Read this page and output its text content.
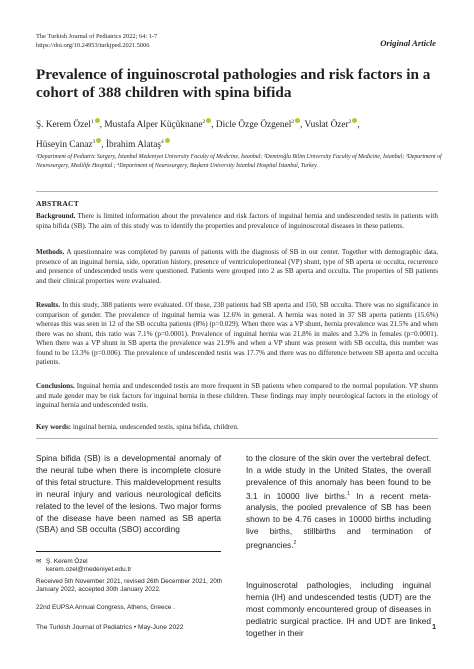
The Turkish Journal of Pediatrics 2022; 64: 1-7
https://doi.org/10.24953/turkjped.2021.5006	Original Article
Prevalence of inguinoscrotal pathologies and risk factors in a cohort of 388 children with spina bifida
Ş. Kerem Özel$^1$ , Mustafa Alper Küçüknane$^2$ , Dicle Özge Özgenel$^2$ , Vuslat Özer$^2$ ,
Hüseyin Canaz$^3$ , İbrahim Alataş$^4$
¹Department of Pediatric Surgery, İstanbul Medeniyet University Faculty of Medicine, İstanbul; ²Demiroğlu Bilim University Faculty of Medicine, İstanbul; ³Department of Neurosurgery, Medilife Hospital ; ⁴Department of Neurosurgery, Başkent University İstanbul Hospital İstanbul, Turkey.
ABSTRACT
Background. There is limited information about the prevalence and risk factors of inguinal hernia and undescended testis in patients with spina bifida (SB). The aim of this study was to identify the properties and prevalence of inguinoscrotal diseases in these patients.
Methods. A questionnaire was completed by parents of patients with the diagnosis of SB in our center. Together with demographic data, presence of an inguinal hernia, side, operation history, presence of ventriculoperitoneal (VP) shunt, type of SB aperta or occulta, recurrence and presence of undescended testis were questioned. Patients were grouped into 2 as SB aperta and occulta. The properties of SB patients and their clinical properties were evaluated.
Results. In this study, 388 patients were evaluated. Of these, 238 patients had SB aperta and 150, SB occulta. There was no significance in comparison of gender. The prevalence of inguinal hernia was 12.6% in general. A hernia was noted in 37 SB aperta patients (15.6%) whereas this was seen in 12 of the SB occulta patients (8%) (p=0.029). When there was a VP shunt, hernia prevalence was 21.5% and when there was no shunt, this ratio was 7.1% (p=0.0001). Prevalence of inguinal hernia was 21.8% in males and 3.2% in females (p=0.0001). When there was a VP shunt in SB aperta the prevalence was 21.9% and when a VP shunt was present with SB occulta, this number was found to be 13.3% (p=0.006). The prevalence of undescended testis was 17.7% and there was no difference between SB aperta and occulta patients.
Conclusions. Inguinal hernia and undescended testis are more frequent in SB patients when compared to the normal population. VP shunts and male gender may be risk factors for inguinal hernia in these children. These findings may imply neurological factors in the etiology of inguinal hernia and undescended testis.
Key words: inguinal hernia, undescended testis, spina bifida, children.
Spina bifida (SB) is a developmental anomaly of the neural tube when there is incomplete closure of this fetal structure. This maldevelopment results in neural injury and various neurological deficits related to the level of the lesions. Two major forms of the disease have been named as SB aperta (SBA) and SB occulta (SBO) according
to the closure of the skin over the vertebral defect. In a wide study in the United States, the overall prevalence of this anomaly has been found to be 3.1 in 10000 live births.$^1$ In a recent meta-analysis, the pooled prevalence of SB has been shown to be 4.76 cases in 10000 births including live births, stillbirths and termination of pregnancies.$^2$
Inguinoscrotal pathologies, including inguinal hernia (IH) and undescended testis (UDT) are the most commonly encountered group of diseases in pediatric surgical practice. IH and UDT are linked together in their
✉ Ş. Kerem Özel
kerem.ozel@medeniyet.edu.tr
Received 5th November 2021, revised 26th December 2021, 20th January 2022, accepted 30th January 2022.
22nd EUPSA Annual Congress, Athens, Greece .
The Turkish Journal of Pediatrics • May-June 2022	1
